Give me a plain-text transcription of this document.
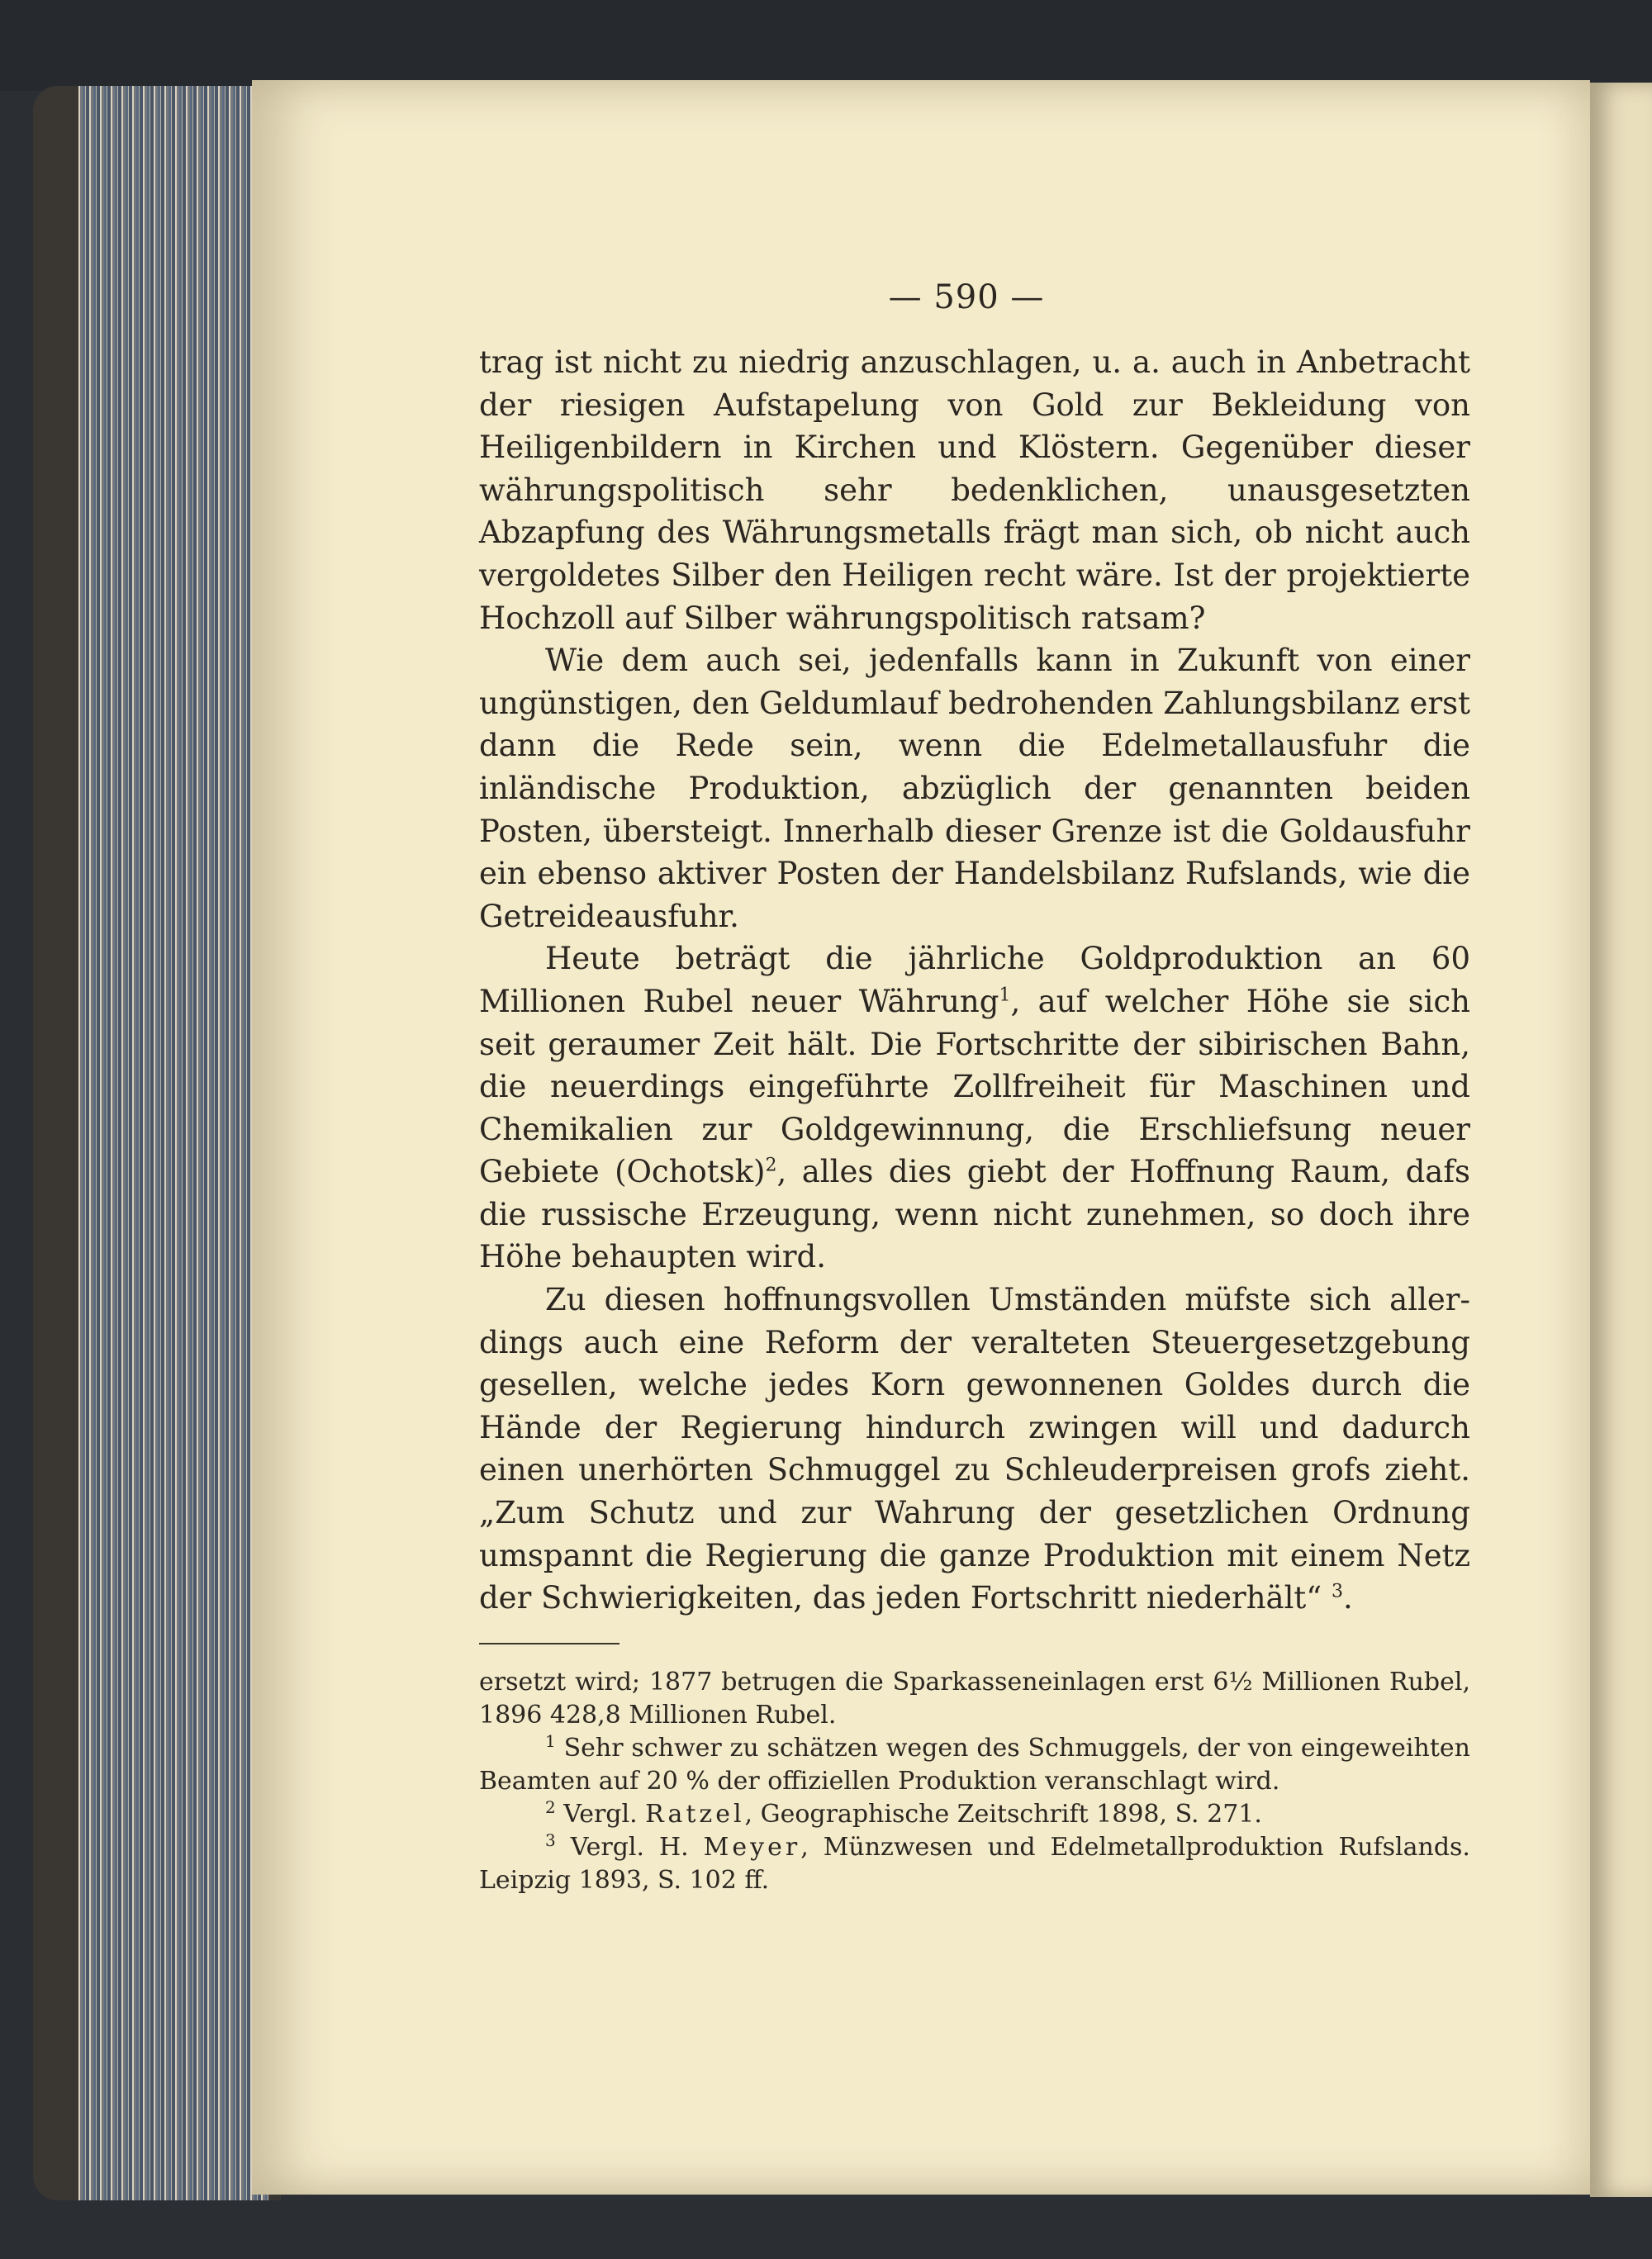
— 590 —

trag ist nicht zu niedrig anzuschlagen, u. a. auch in Anbetracht der riesigen Aufstapelung von Gold zur Bekleidung von Heiligenbildern in Kirchen und Klöstern. Gegenüber dieser währungspolitisch sehr bedenklichen, unausgesetzten Abzapfung des Währungsmetalls frägt man sich, ob nicht auch vergoldetes Silber den Heiligen recht wäre. Ist der projektierte Hochzoll auf Silber währungspolitisch ratsam?

Wie dem auch sei, jedenfalls kann in Zukunft von einer ungünstigen, den Geldumlauf bedrohenden Zahlungsbilanz erst dann die Rede sein, wenn die Edelmetallausfuhr die inländische Produktion, abzüglich der genannten beiden Posten, übersteigt. Innerhalb dieser Grenze ist die Goldausfuhr ein ebenso aktiver Posten der Handelsbilanz Rufslands, wie die Getreideausfuhr.

Heute beträgt die jährliche Goldproduktion an 60 Millionen Rubel neuer Währung$^1$, auf welcher Höhe sie sich seit geraumer Zeit hält. Die Fortschritte der sibirischen Bahn, die neuerdings eingeführte Zollfreiheit für Maschinen und Chemikalien zur Goldgewinnung, die Erschliefsung neuer Gebiete (Ochotsk)$^2$, alles dies giebt der Hoffnung Raum, dafs die russische Erzeugung, wenn nicht zunehmen, so doch ihre Höhe behaupten wird.

Zu diesen hoffnungsvollen Umständen müfste sich allerdings auch eine Reform der veralteten Steuergesetzgebung gesellen, welche jedes Korn gewonnenen Goldes durch die Hände der Regierung hindurch zwingen will und dadurch einen unerhörten Schmuggel zu Schleuderpreisen grofs zieht. „Zum Schutz und zur Wahrung der gesetzlichen Ordnung umspannt die Regierung die ganze Produktion mit einem Netz der Schwierigkeiten, das jeden Fortschritt niederhält“ $^3$.

ersetzt wird; 1877 betrugen die Sparkasseneinlagen erst 6½ Millionen Rubel, 1896 428,8 Millionen Rubel.

$^1$ Sehr schwer zu schätzen wegen des Schmuggels, der von eingeweihten Beamten auf 20 % der offiziellen Produktion veranschlagt wird.

$^2$ Vergl. Ratzel, Geographische Zeitschrift 1898, S. 271.

$^3$ Vergl. H. Meyer, Münzwesen und Edelmetallproduktion Rufslands. Leipzig 1893, S. 102 ff.
